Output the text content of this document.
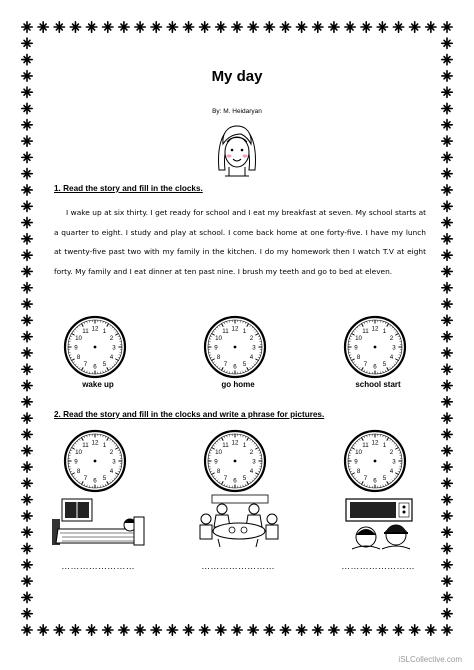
My day
By: M. Heidaryan
1. Read the story and fill in the clocks.

I wake up at six thirty. I get ready for school and I eat my breakfast at seven. My school starts at a quarter to eight. I study and play at school. I come back home at one forty-five. I have my lunch at twenty-five past two with my family in the kitchen. I do my homework then I watch T.V at eight forty. My family and I eat dinner at ten past nine. I brush my teeth and go to bed at eleven.

1
2
3
4
5
6
7
8
9
10
11 12	1
2
3
4
5
6
7
8
9
10
11 12	1
2
3
4
5
6
7
8
9
10
11 12
wake up	go home	school start
2. Read the story and fill in the clocks and write a phrase for pictures.
1
2
3
4
5
6
7
8
9
10
11 12	1
2
3
4
5
6
7
8
9
10
11 12	1
2
3
4
5
6
7
8
9
10
11 12
……………………	……………………	……………………
iSLCollective.com
